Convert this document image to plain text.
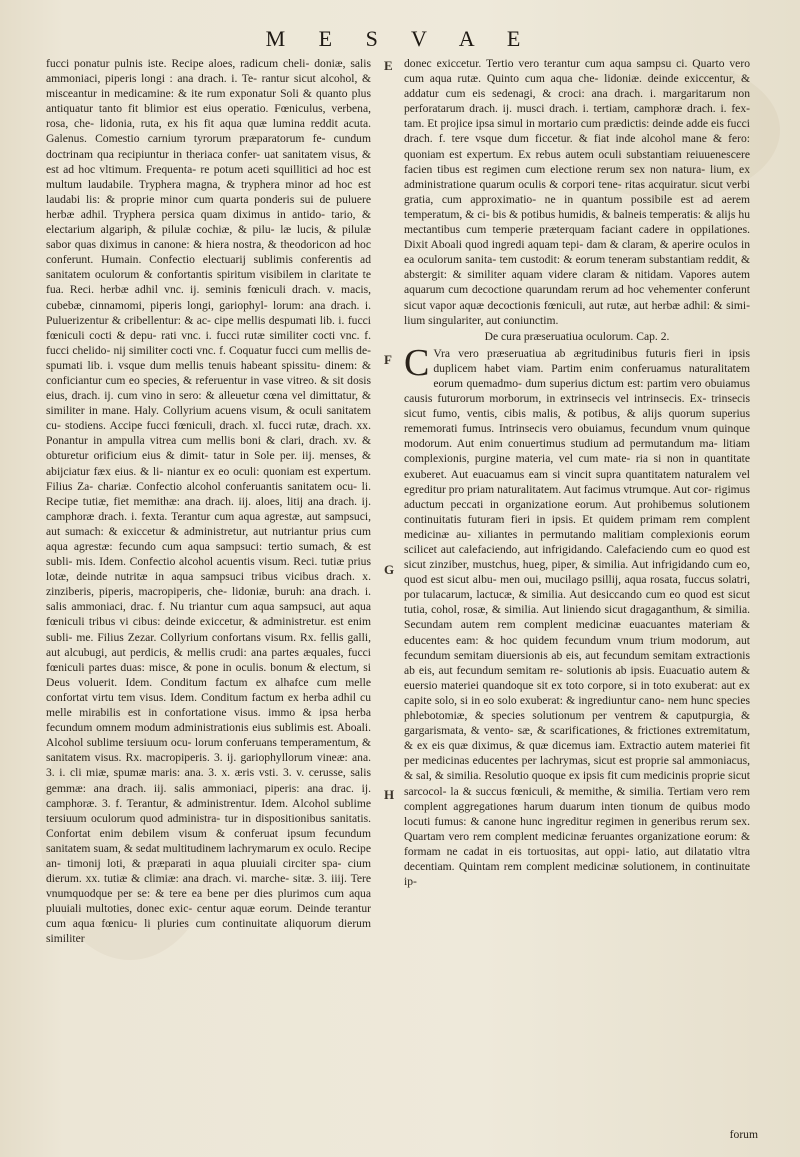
M E S V A E
E
F
G
H

fucci ponatur pulnis iste. Recipe aloes, radicum cheli- doniæ, salis ammoniaci, piperis longi : ana drach. i. Te- rantur sicut alcohol, & misceantur in medicamine: & ite rum exponatur Soli & quanto plus antiquatur tanto fit blimior est eius operatio. Fœniculus, verbena, rosa, che- lidonia, ruta, ex his fit aqua quæ lumina reddit acuta. Galenus. Comestio carnium tyrorum præparatorum fe- cundum doctrinam qua recipiuntur in theriaca confer- uat sanitatem visus, & est ad hoc vltimum. Frequenta- re potum aceti squillitici ad hoc est multum laudabile. Tryphera magna, & tryphera minor ad hoc est laudabi lis: & proprie minor cum quarta ponderis sui de puluere herbæ adhil. Tryphera persica quam diximus in antido- tario, & electarium algariph, & pilulæ cochiæ, & pilu- læ lucis, & pilulæ sabor quas diximus in canone: & hiera nostra, & theodoricon ad hoc conferunt. Humain. Confectio electuarij sublimis conferentis ad sanitatem oculorum & confortantis spiritum visibilem in claritate te fua. Reci. herbæ adhil vnc. ij. seminis fœniculi drach. v. macis, cubebæ, cinnamomi, piperis longi, gariophyl- lorum: ana drach. i. Puluerizentur & cribellentur: & ac- cipe mellis despumati lib. i. fucci fœniculi cocti & depu- rati vnc. i. fucci rutæ similiter cocti vnc. f. fucci chelido- nij similiter cocti vnc. f. Coquatur fucci cum mellis de- spumati lib. i. vsque dum mellis tenuis habeant spissitu- dinem: & conficiantur cum eo species, & referuentur in vase vitreo. & sit dosis eius, drach. ij. cum vino in sero: & alleuetur cœna vel dimittatur, & similiter in mane. Haly. Collyrium acuens visum, & oculi sanitatem cu- stodiens. Accipe fucci fœniculi, drach. xl. fucci rutæ, drach. xx. Ponantur in ampulla vitrea cum mellis boni & clari, drach. xv. & obturetur orificium eius & dimit- tatur in Sole per. iij. menses, & abijciatur fæx eius. & li- niantur ex eo oculi: quoniam est expertum. Filius Za- chariæ. Confectio alcohol conferuantis sanitatem ocu- li. Recipe tutiæ, fiet memithæ: ana drach. iij. aloes, litij ana drach. ij. camphoræ drach. i. fexta. Terantur cum aqua agrestæ, aut sampsuci, aut sumach: & exiccetur & administretur, aut nutriantur prius cum aqua agrestæ: fecundo cum aqua sampsuci: tertio sumach, & est subli- mis. Idem. Confectio alcohol acuentis visum. Reci. tutiæ prius lotæ, deinde nutritæ in aqua sampsuci tribus vicibus drach. x. zinziberis, piperis, macropiperis, che- lidoniæ, buruh: ana drach. i. salis ammoniaci, drac. f. Nu triantur cum aqua sampsuci, aut aqua fœniculi tribus vi cibus: deinde exiccetur, & administretur. est enim subli- me. Filius Zezar. Collyrium confortans visum. Rx. fellis galli, aut alcubugi, aut perdicis, & mellis crudi: ana partes æquales, fucci fœniculi partes duas: misce, & pone in oculis. bonum & electum, si Deus voluerit. Idem. Conditum factum ex alhafce cum melle confortat virtu tem visus. Idem. Conditum factum ex herba adhil cu melle mirabilis est in confortatione visus. immo & ipsa herba fecundum omnem modum administrationis eius sublimis est. Aboali. Alcohol sublime tersiuum ocu- lorum conferuans temperamentum, & sanitatem visus. Rx. macropiperis. 3. ij. gariophyllorum vineæ: ana. 3. i. cli miæ, spumæ maris: ana. 3. x. æris vsti. 3. v. cerusse, salis gemmæ: ana drach. iij. salis ammoniaci, piperis: ana drac. ij. camphoræ. 3. f. Terantur, & administrentur. Idem. Alcohol sublime tersiuum oculorum quod administra- tur in dispositionibus sanitatis. Confortat enim debilem visum & conferuat ipsum fecundum sanitatem suam, & sedat multitudinem lachrymarum ex oculo. Recipe an- timonij loti, & præparati in aqua pluuiali circiter spa- cium dierum. xx. tutiæ & climiæ: ana drach. vi. marche- sitæ. 3. iiij. Tere vnumquodque per se: & tere ea bene per dies plurimos cum aqua pluuiali multoties, donec exic- centur aquæ eorum. Deinde terantur cum aqua fœnicu- li pluries cum continuitate aliquorum dierum similiter

donec exiccetur. Tertio vero terantur cum aqua sampsu ci. Quarto vero cum aqua rutæ. Quinto cum aqua che- lidoniæ. deinde exiccentur, & addatur cum eis sedenagi, & croci: ana drach. i. margaritarum non perforatarum drach. ij. musci drach. i. tertiam, camphoræ drach. i. fex- tam. Et projice ipsa simul in mortario cum prædictis: deinde adde eis fucci drach. f. tere vsque dum ficcetur. & fiat inde alcohol mane & fero: quoniam est expertum. Ex rebus autem oculi substantiam reiuuenescere facien tibus est regimen cum electione rerum sex non natura- lium, ex administratione quarum oculis & corpori tene- ritas acquiratur. sicut verbi gratia, cum approximatio- ne in quantum possibile est ad aerem temperatum, & ci- bis & potibus humidis, & balneis temperatis: & alijs hu mectantibus cum temperie præterquam faciant cadere in oppilationes. Dixit Aboali quod ingredi aquam tepi- dam & claram, & aperire oculos in ea oculorum sanita- tem custodit: & eorum teneram substantiam reddit, & abstergit: & similiter aquam videre claram & nitidam. Vapores autem aquarum cum decoctione quarundam rerum ad hoc vehementer conferunt sicut vapor aquæ decoctionis fœniculi, aut rutæ, aut herbæ adhil: & simi- lium singulariter, aut coniunctim.

De cura præseruatiua oculorum. Cap. 2.

C Vra vero præseruatiua ab ægritudinibus futuris fieri in ipsis duplicem habet viam. Partim enim conferuamus naturalitatem eorum quemadmo- dum superius dictum est: partim vero obuiamus causis futurorum morborum, in extrinsecis vel intrinsecis. Ex- trinsecis sicut fumo, ventis, cibis malis, & potibus, & alijs quorum superius rememorati fumus. Intrinsecis vero obuiamus, fecundum vnum quinque modorum. Aut enim conuertimus studium ad permutandum ma- litiam complexionis, purgine materia, vel cum mate- ria si non in quantitate exuberet. Aut euacuamus eam si vincit supra quantitatem naturalem vel egreditur pro priam naturalitatem. Aut facimus vtrumque. Aut cor- rigimus aductum peccati in organizatione eorum. Aut prohibemus solutionem continuitatis futuram fieri in ipsis. Et quidem primam rem complent medicinæ au- xiliantes in permutando malitiam complexionis eorum scilicet aut calefaciendo, aut infrigidando. Calefaciendo cum eo quod est sicut zinziber, mustchus, hueg, piper, & similia. Aut infrigidando cum eo, quod est sicut albu- men oui, mucilago psillij, aqua rosata, fuccus solatri, por tulacarum, lactucæ, & similia. Aut desiccando cum eo quod est sicut tutia, cohol, rosæ, & similia. Aut liniendo sicut dragaganthum, & similia. Secundam autem rem complent medicinæ euacuantes materiam & educentes eam: & hoc quidem fecundum vnum trium modorum, aut fecundum semitam diuersionis ab eis, aut fecundum semitam extractionis ab eis, aut fecundum semitam re- solutionis ab ipsis. Euacuatio autem & euersio materiei quandoque sit ex toto corpore, si in toto exuberat: aut ex capite solo, si in eo solo exuberat: & ingrediuntur cano- nem hunc species phlebotomiæ, & species solutionum per ventrem & caputpurgia, & gargarismata, & vento- sæ, & scarificationes, & frictiones extremitatum, & ex eis quæ diximus, & quæ dicemus iam. Extractio autem materiei fit per medicinas educentes per lachrymas, sicut est proprie sal ammoniacus, & sal, & similia. Resolutio quoque ex ipsis fit cum medicinis proprie sicut sarcocol- la & succus fœniculi, & memithe, & similia. Tertiam vero rem complent aggregationes harum duarum inten tionum de quibus modo locuti fumus: & canone hunc ingreditur regimen in generibus rerum sex. Quartam vero rem complent medicinæ feruantes organizatione eorum: & formam ne cadat in eis tortuositas, aut oppi- latio, aut dilatatio vltra decentiam. Quintam rem complent medicinæ solutionem, in continuitate ip-

forum
